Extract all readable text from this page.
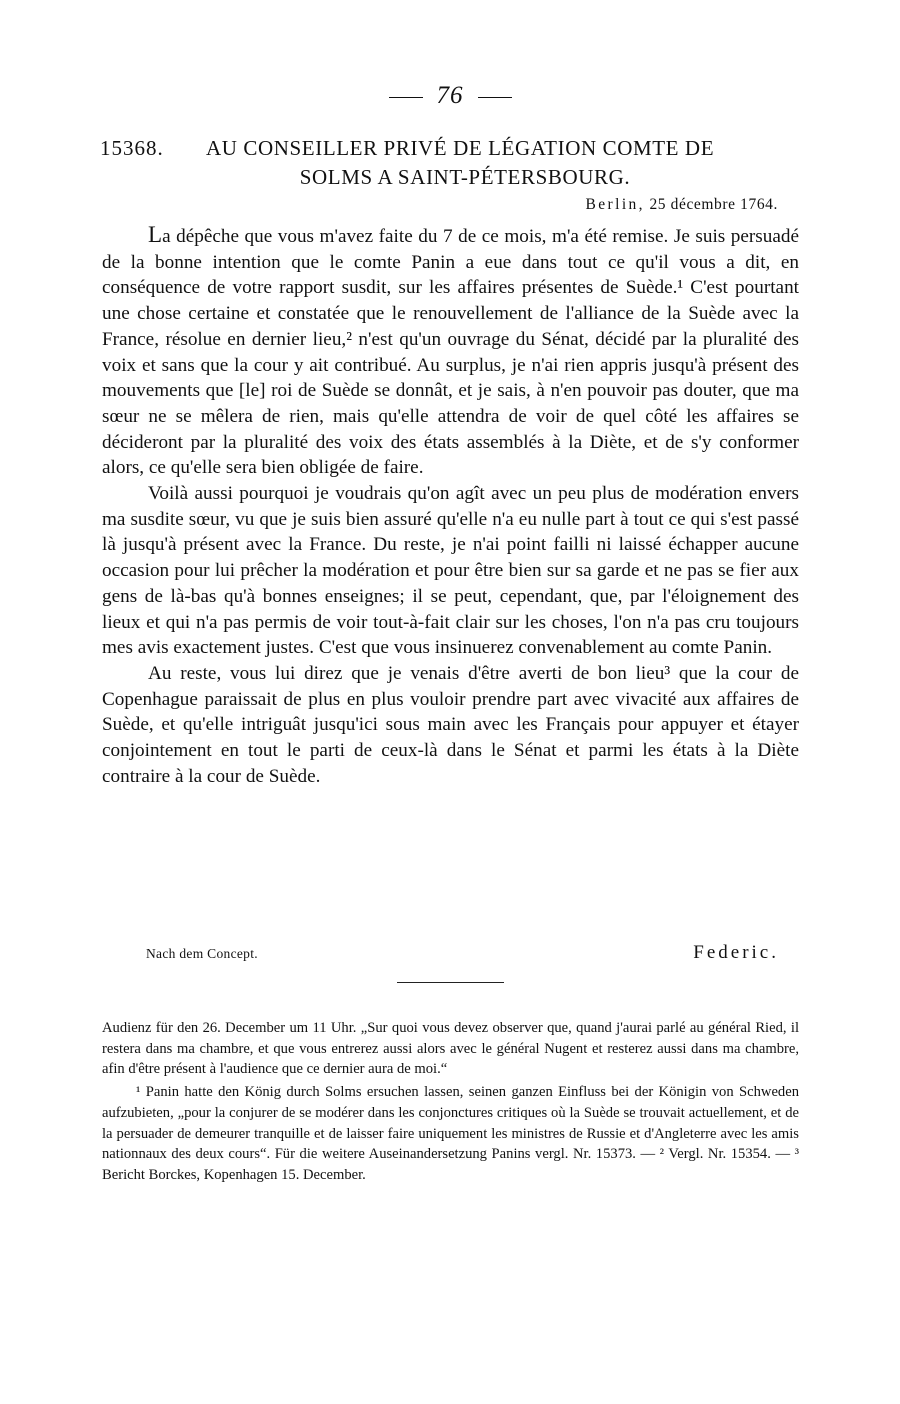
76
15368.	AU CONSEILLER PRIVÉ DE LÉGATION COMTE DE
SOLMS A SAINT-PÉTERSBOURG.
Berlin, 25 décembre 1764.

La dépêche que vous m'avez faite du 7 de ce mois, m'a été remise. Je suis persuadé de la bonne intention que le comte Panin a eue dans tout ce qu'il vous a dit, en conséquence de votre rapport susdit, sur les affaires présentes de Suède.¹ C'est pourtant une chose certaine et constatée que le renouvellement de l'alliance de la Suède avec la France, résolue en dernier lieu,² n'est qu'un ouvrage du Sénat, décidé par la pluralité des voix et sans que la cour y ait contribué. Au surplus, je n'ai rien appris jusqu'à présent des mouvements que [le] roi de Suède se donnât, et je sais, à n'en pouvoir pas douter, que ma sœur ne se mêlera de rien, mais qu'elle attendra de voir de quel côté les affaires se décideront par la pluralité des voix des états assemblés à la Diète, et de s'y conformer alors, ce qu'elle sera bien obligée de faire.

Voilà aussi pourquoi je voudrais qu'on agît avec un peu plus de modération envers ma susdite sœur, vu que je suis bien assuré qu'elle n'a eu nulle part à tout ce qui s'est passé là jusqu'à présent avec la France. Du reste, je n'ai point failli ni laissé échapper aucune occasion pour lui prêcher la modération et pour être bien sur sa garde et ne pas se fier aux gens de là-bas qu'à bonnes enseignes; il se peut, cependant, que, par l'éloignement des lieux et qui n'a pas permis de voir tout-à-fait clair sur les choses, l'on n'a pas cru toujours mes avis exactement justes. C'est que vous insinuerez convenablement au comte Panin.

Au reste, vous lui direz que je venais d'être averti de bon lieu³ que la cour de Copenhague paraissait de plus en plus vouloir prendre part avec vivacité aux affaires de Suède, et qu'elle intriguât jusqu'ici sous main avec les Français pour appuyer et étayer conjointement en tout le parti de ceux-là dans le Sénat et parmi les états à la Diète contraire à la cour de Suède.

Nach dem Concept.	Federic.

Audienz für den 26. December um 11 Uhr. „Sur quoi vous devez observer que, quand j'aurai parlé au général Ried, il restera dans ma chambre, et que vous entrerez aussi alors avec le général Nugent et resterez aussi dans ma chambre, afin d'être présent à l'audience que ce dernier aura de moi.“

¹ Panin hatte den König durch Solms ersuchen lassen, seinen ganzen Einfluss bei der Königin von Schweden aufzubieten, „pour la conjurer de se modérer dans les conjonctures critiques où la Suède se trouvait actuellement, et de la persuader de demeurer tranquille et de laisser faire uniquement les ministres de Russie et d'Angleterre avec les amis nationnaux des deux cours“. Für die weitere Auseinandersetzung Panins vergl. Nr. 15373. — ² Vergl. Nr. 15354. — ³ Bericht Borckes, Kopenhagen 15. December.
